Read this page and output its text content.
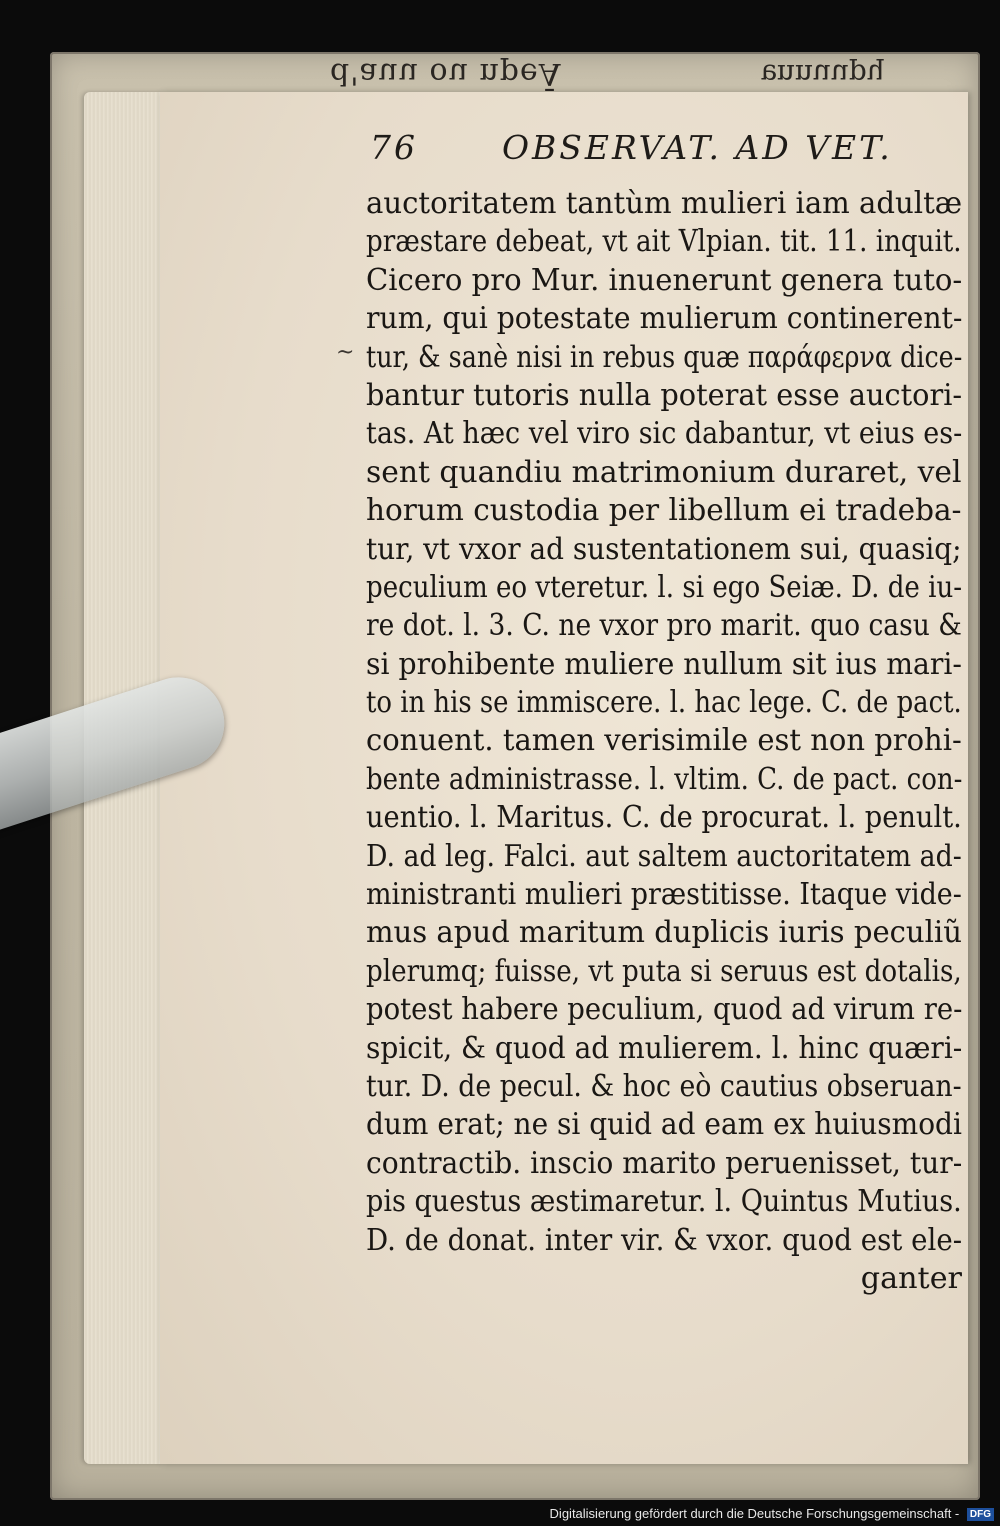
d'auu ou npeĀ	ɐnnuupɥ
76	OBSERVAT. AD VET.
~
auctoritatem tantùm mulieri iam adultæ
præstare debeat, vt ait Vlpian. tit. 11. inquit.
Cicero pro Mur. inuenerunt genera tuto-
rum, qui potestate mulierum continerent-
tur, & sanè nisi in rebus quæ παράφερνα dice-
bantur tutoris nulla poterat esse auctori-
tas. At hæc vel viro sic dabantur, vt eius es-
sent quandiu matrimonium duraret, vel
horum custodia per libellum ei tradeba-
tur, vt vxor ad sustentationem sui, quasiq;
peculium eo vteretur. l. si ego Seiæ. D. de iu-
re dot. l. 3. C. ne vxor pro marit. quo casu &
si prohibente muliere nullum sit ius mari-
to in his se immiscere. l. hac lege. C. de pact.
conuent. tamen verisimile est non prohi-
bente administrasse. l. vltim. C. de pact. con-
uentio. l. Maritus. C. de procurat. l. penult.
D. ad leg. Falci. aut saltem auctoritatem ad-
ministranti mulieri præstitisse. Itaque vide-
mus apud maritum duplicis iuris peculiũ
plerumq; fuisse, vt puta si seruus est dotalis,
potest habere peculium, quod ad virum re-
spicit, & quod ad mulierem. l. hinc quæri-
tur. D. de pecul. & hoc eò cautius obseruan-
dum erat; ne si quid ad eam ex huiusmodi
contractib. inscio marito peruenisset, tur-
pis questus æstimaretur. l. Quintus Mutius.
D. de donat. inter vir. & vxor. quod est ele-
ganter
Digitalisierung gefördert durch die Deutsche Forschungsgemeinschaft - DFG
